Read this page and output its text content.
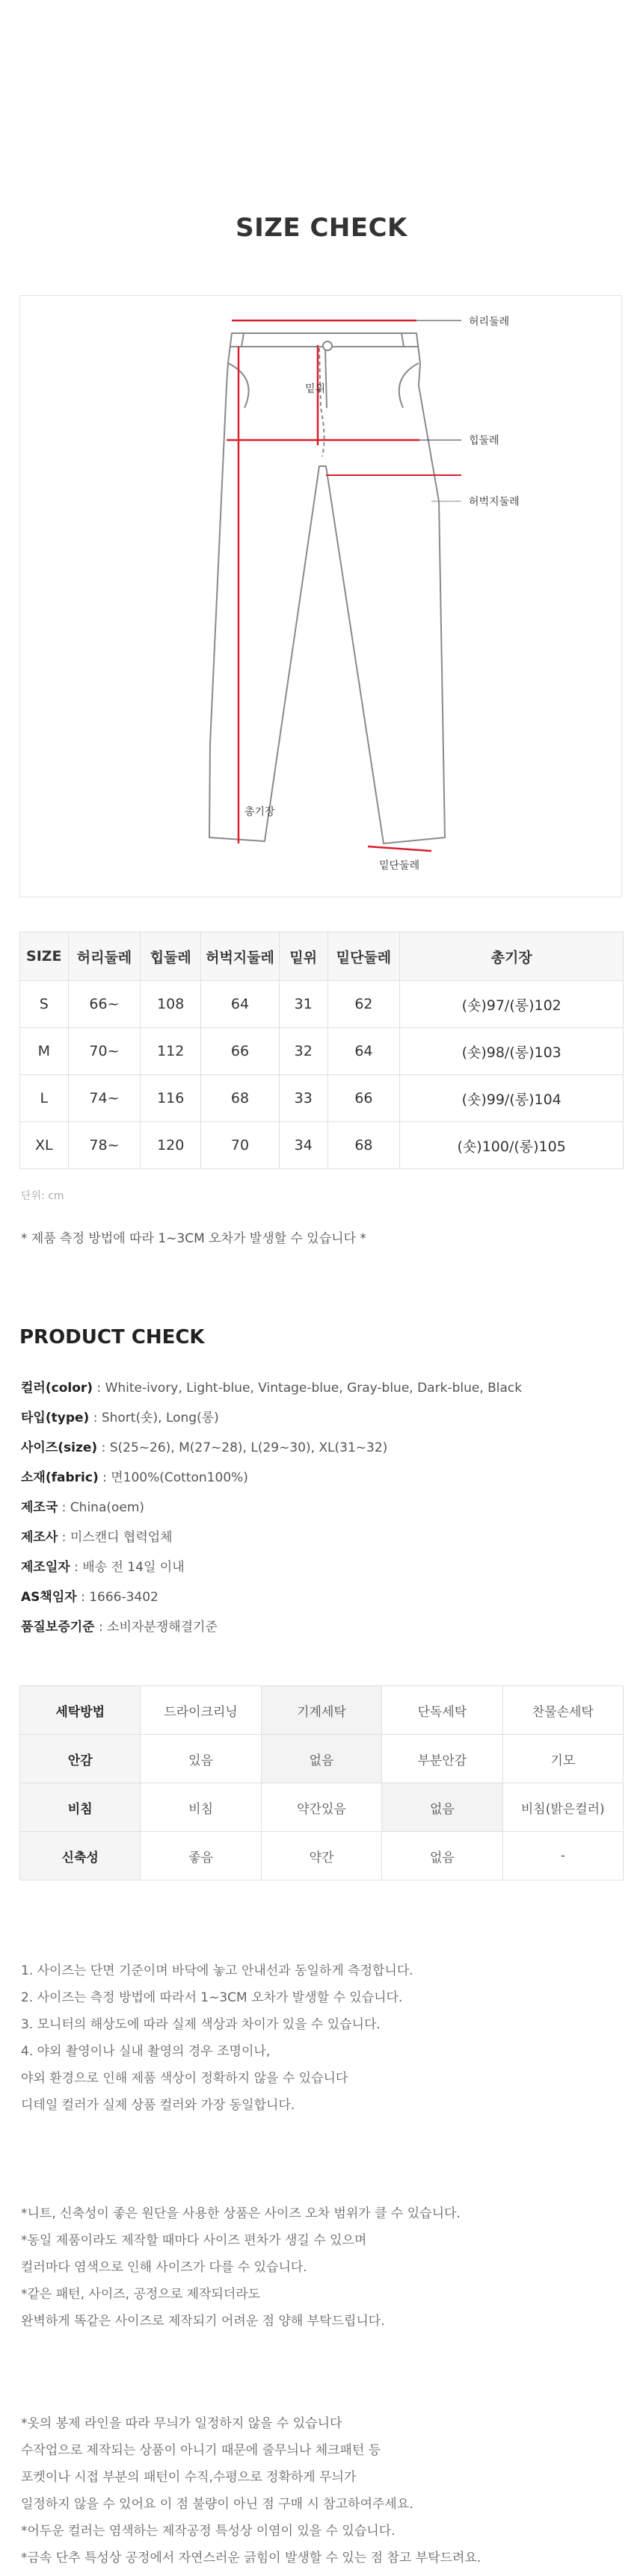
SIZE CHECK
허리둘레
밑위
힙둘레
허벅지둘레
총기장
밑단둘레
SIZE	허리둘레	힙둘레	허벅지둘레	밑위	밑단둘레	총기장
S	66~	108	64	31	62	(숏)97/(롱)102
M	70~	112	66	32	64	(숏)98/(롱)103
L	74~	116	68	33	66	(숏)99/(롱)104
XL	78~	120	70	34	68	(숏)100/(롱)105
단위: cm
* 제품 측정 방법에 따라 1~3CM 오차가 발생할 수 있습니다 *
PRODUCT CHECK
컬러(color) : White-ivory, Light-blue, Vintage-blue, Gray-blue, Dark-blue, Black
타입(type) : Short(숏), Long(롱)
사이즈(size) : S(25~26), M(27~28), L(29~30), XL(31~32)
소재(fabric) : 면100%(Cotton100%)
제조국 : China(oem)
제조사 : 미스캔디 협력업체
제조일자 : 배송 전 14일 이내
AS책임자 : 1666-3402
품질보증기준 : 소비자분쟁해결기준
세탁방법	드라이크리닝	기계세탁	단독세탁	찬물손세탁
안감	있음	없음	부분안감	기모
비침	비침	약간있음	없음	비침(밝은컬러)
신축성	좋음	약간	없음	-
1. 사이즈는 단면 기준이며 바닥에 놓고 안내선과 동일하게 측정합니다.
2. 사이즈는 측정 방법에 따라서 1~3CM 오차가 발생할 수 있습니다.
3. 모니터의 해상도에 따라 실제 색상과 차이가 있을 수 있습니다.
4. 야외 촬영이나 실내 촬영의 경우 조명이나,
야외 환경으로 인해 제품 색상이 정확하지 않을 수 있습니다
디테일 컬러가 실제 상품 컬러와 가장 동일합니다.
*니트, 신축성이 좋은 원단을 사용한 상품은 사이즈 오차 범위가 클 수 있습니다.
*동일 제품이라도 제작할 때마다 사이즈 편차가 생길 수 있으며
컬러마다 염색으로 인해 사이즈가 다를 수 있습니다.
*같은 패턴, 사이즈, 공정으로 제작되더라도
완벽하게 똑같은 사이즈로 제작되기 어려운 점 양해 부탁드립니다.
*옷의 봉제 라인을 따라 무늬가 일정하지 않을 수 있습니다
수작업으로 제작되는 상품이 아니기 때문에 줄무늬나 체크패턴 등
포켓이나 시접 부분의 패턴이 수직,수평으로 정확하게 무늬가
일정하지 않을 수 있어요 이 점 불량이 아닌 점 구매 시 참고하여주세요.
*어두운 컬러는 염색하는 제작공정 특성상 이염이 있을 수 있습니다.
*금속 단추 특성상 공정에서 자연스러운 긁힘이 발생할 수 있는 점 참고 부탁드려요.
